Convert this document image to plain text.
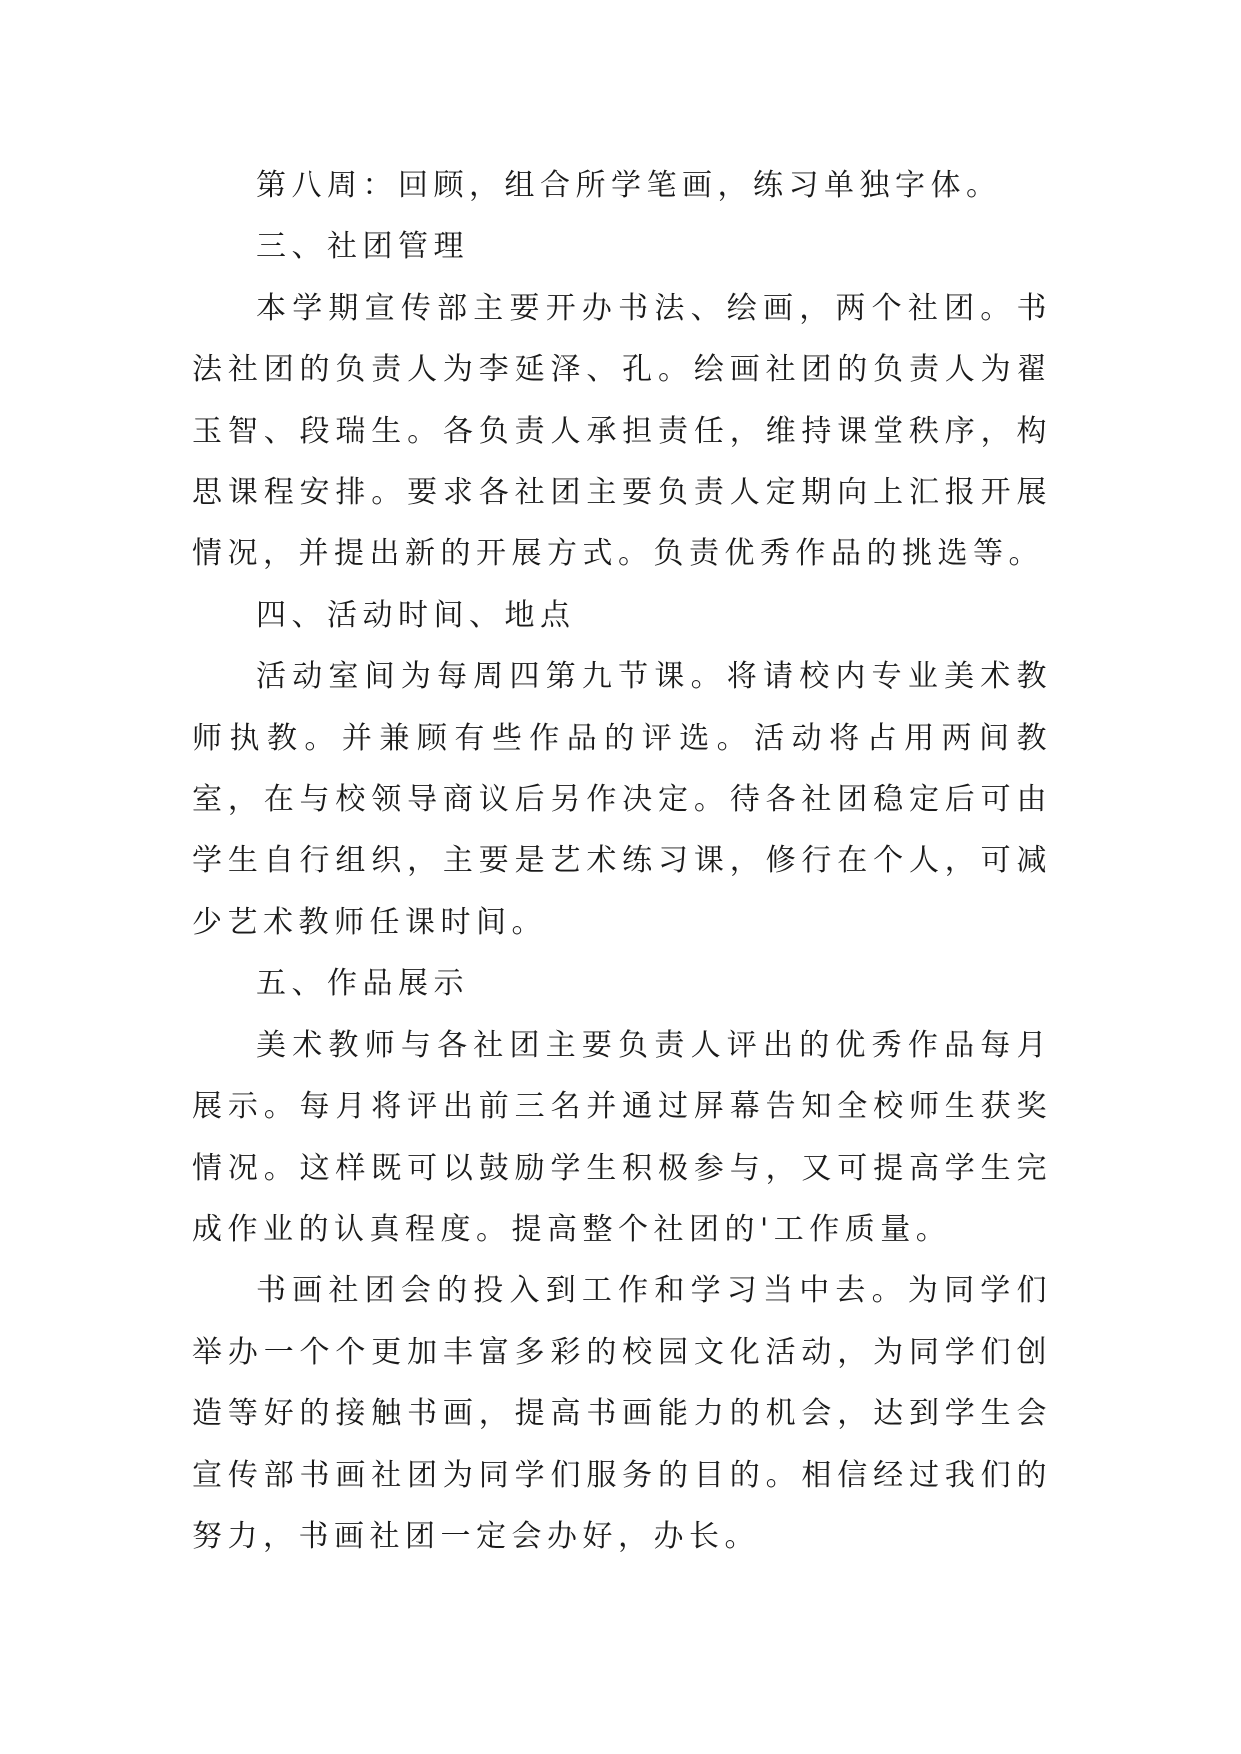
第八周：回顾，组合所学笔画，练习单独字体。

三、社团管理

本学期宣传部主要开办书法、绘画，两个社团。书法社团的负责人为李延泽、孔。绘画社团的负责人为翟玉智、段瑞生。各负责人承担责任，维持课堂秩序，构思课程安排。要求各社团主要负责人定期向上汇报开展情况，并提出新的开展方式。负责优秀作品的挑选等。

四、活动时间、地点

活动室间为每周四第九节课。将请校内专业美术教师执教。并兼顾有些作品的评选。活动将占用两间教室，在与校领导商议后另作决定。待各社团稳定后可由学生自行组织，主要是艺术练习课，修行在个人，可减少艺术教师任课时间。

五、作品展示

美术教师与各社团主要负责人评出的优秀作品每月展示。每月将评出前三名并通过屏幕告知全校师生获奖情况。这样既可以鼓励学生积极参与，又可提高学生完成作业的认真程度。提高整个社团的'工作质量。

书画社团会的投入到工作和学习当中去。为同学们举办一个个更加丰富多彩的校园文化活动，为同学们创造等好的接触书画，提高书画能力的机会，达到学生会宣传部书画社团为同学们服务的目的。相信经过我们的努力，书画社团一定会办好，办长。
